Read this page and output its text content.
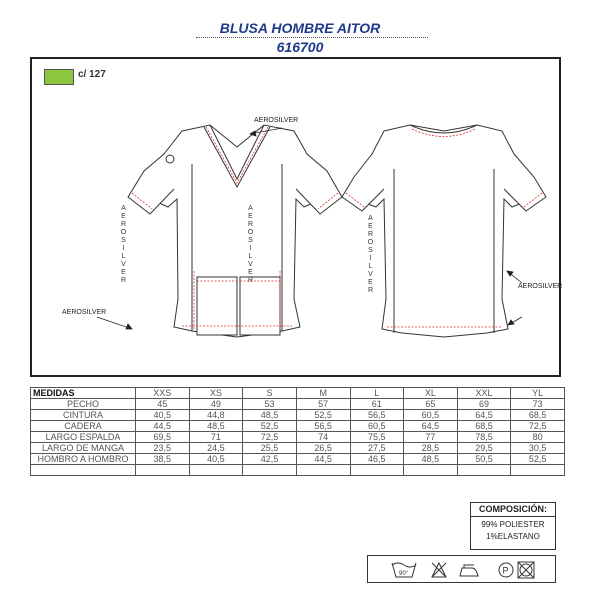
BLUSA HOMBRE AITOR
616700
c/ 127
AEROSILVER
AEROSILVER
AEROSILVER
AEROSILVER	AEROSILVER	AEROSILVER
MEDIDAS	XXS	XS	S	M	L	XL	XXL	YL
PECHO	45	49	53	57	61	65	69	73
CINTURA	40,5	44,8	48,5	52,5	56,5	60,5	64,5	68,5
CADERA	44,5	48,5	52,5	56,5	60,5	64,5	68,5	72,5
LARGO ESPALDA	69,5	71	72,5	74	75,5	77	78,5	80
LARGO DE MANGA	23,5	24,5	25,5	26,5	27,5	28,5	29,5	30,5
HOMBRO A HOMBRO	38,5	40,5	42,5	44,5	46,5	48,5	50,5	52,5

COMPOSICIÓN:
99% POLIESTER
1%ELASTANO
90°	P
